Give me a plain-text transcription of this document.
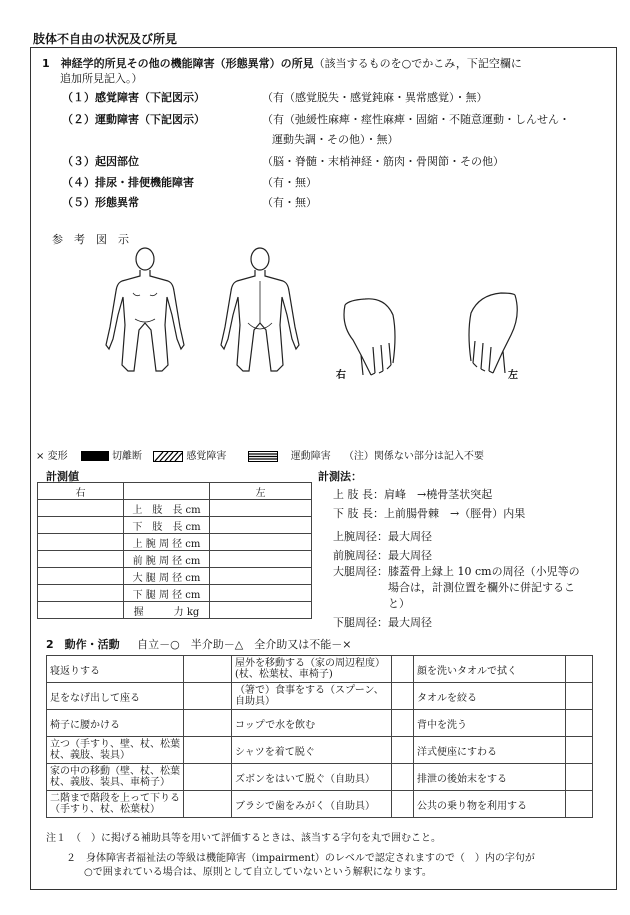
肢体不自由の状況及び所見
1　神経学的所見その他の機能障害（形態異常）の所見（該当するものを○でかこみ，下記空欄に
追加所見記入。）
（１）感覚障害（下記図示）	（有（感覚脱失・感覚鈍麻・異常感覚）・無）
（２）運動障害（下記図示）	（有（弛緩性麻痺・痙性麻痺・固縮・不随意運動・しんせん・
運動失調・その他）・無）
（３）起因部位	（脳・脊髄・末梢神経・筋肉・骨関節・その他）
（４）排尿・排便機能障害	（有・無）
（５）形態異常	（有・無）
参　考　図　示
右	左
× 変形	切離断	感覚障害	運動障害 （注）関係ない部分は記入不要
計測値
右		左
	上　肢　長 cm	
	下　肢　長 cm	
	上 腕 周 径 cm	
	前 腕 周 径 cm	
	大 腿 周 径 cm	
	下 腿 周 径 cm	
	握　　　力 kg	
計測法：
上 肢 長：肩峰　→橈骨茎状突起
下 肢 長：上前腸骨棘　→（脛骨）内果
上腕周径：最大周径
前腕周径：最大周径
大腿周径：膝蓋骨上縁上 10 cmの周径（小児等の
　　　　　場合は，計測位置を欄外に併記するこ
　　　　　と）
下腿周径：最大周径
2　動作・活動 自立－○　半介助－△　全介助又は不能－×
寝返りする		屋外を移動する（家の周辺程度）(杖、松葉杖、車椅子)		顔を洗いタオルで拭く	
足をなげ出して座る		（箸で）食事をする（スプーン、自助具）		タオルを絞る	
椅子に腰かける		コップで水を飲む		背中を洗う	
立つ（手すり、壁、杖、松葉杖、義肢、装具）		シャツを着て脱ぐ		洋式便座にすわる	
家の中の移動（壁、杖、松葉杖、義肢、装具、車椅子）		ズボンをはいて脱ぐ（自助具）		排泄の後始末をする	
二階まで階段を上って下りる（手すり、杖、松葉杖）		ブラシで歯をみがく（自助具）		公共の乗り物を利用する	
注１　（　）に掲げる補助具等を用いて評価するときは、該当する字句を丸で囲むこと。
２　身体障害者福祉法の等級は機能障害（impairment）のレベルで認定されますので（　）内の字句が
○で囲まれている場合は、原則として自立していないという解釈になります。
